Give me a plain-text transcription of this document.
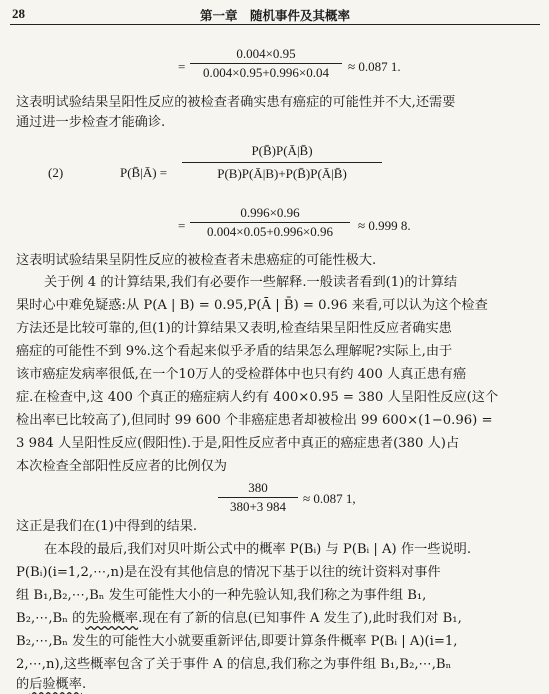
28	第一章　随机事件及其概率
=
0.004×0.95
0.004×0.95+0.996×0.04	≈ 0.087 1.
这表明试验结果呈阳性反应的被检查者确实患有癌症的可能性并不大,还需要
通过进一步检查才能确诊.
(2)	P(B̄|Ā) =
P(B̄)P(Ā|B̄)
P(B)P(Ā|B)+P(B̄)P(Ā|B̄)
=
0.996×0.96
0.004×0.05+0.996×0.96	≈ 0.999 8.
这表明试验结果呈阴性反应的被检查者未患癌症的可能性极大.
关于例 4 的计算结果,我们有必要作一些解释.一般读者看到(1)的计算结
果时心中难免疑惑:从 P(A | B) = 0.95,P(Ā | B̄) = 0.96 来看,可以认为这个检查
方法还是比较可靠的,但(1)的计算结果又表明,检查结果呈阳性反应者确实患
癌症的可能性不到 9%.这个看起来似乎矛盾的结果怎么理解呢?实际上,由于
该市癌症发病率很低,在一个10万人的受检群体中也只有约 400 人真正患有癌
症.在检查中,这 400 个真正的癌症病人约有 400×0.95 = 380 人呈阳性反应(这个
检出率已比较高了),但同时 99 600 个非癌症患者却被检出 99 600×(1−0.96) =
3 984 人呈阳性反应(假阳性).于是,阳性反应者中真正的癌症患者(380 人)占
本次检查全部阳性反应者的比例仅为
380
380+3 984
≈ 0.087 1,
这正是我们在(1)中得到的结果.
在本段的最后,我们对贝叶斯公式中的概率 P(Bᵢ) 与 P(Bᵢ | A) 作一些说明.
P(Bᵢ)(i=1,2,⋯,n)是在没有其他信息的情况下基于以往的统计资料对事件
组 B₁,B₂,⋯,Bₙ 发生可能性大小的一种先验认知,我们称之为事件组 B₁,
B₂,⋯,Bₙ 的先验概率.现在有了新的信息(已知事件 A 发生了),此时我们对 B₁,
B₂,⋯,Bₙ 发生的可能性大小就要重新评估,即要计算条件概率 P(Bᵢ | A)(i=1,
2,⋯,n),这些概率包含了关于事件 A 的信息,我们称之为事件组 B₁,B₂,⋯,Bₙ
的后验概率.
